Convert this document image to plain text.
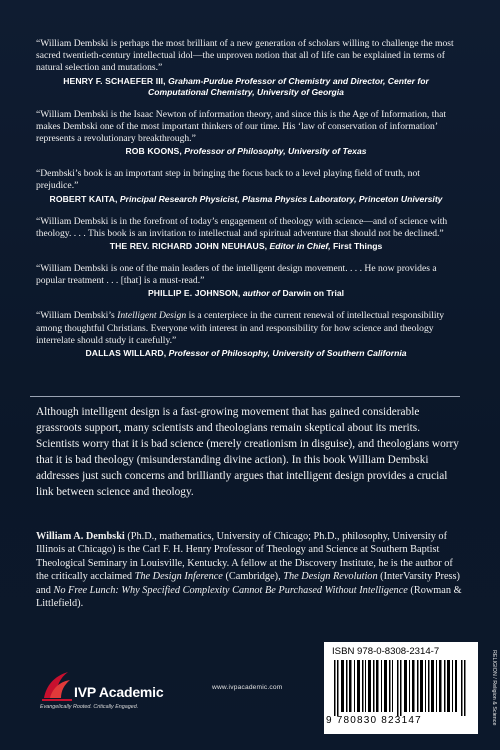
“William Dembski is perhaps the most brilliant of a new generation of scholars willing to challenge the most sacred twentieth-century intellectual idol—the unproven notion that all of life can be explained in terms of natural selection and mutations.”

HENRY F. SCHAEFER III, Graham-Purdue Professor of Chemistry and Director, Center for Computational Chemistry, University of Georgia

“William Dembski is the Isaac Newton of information theory, and since this is the Age of Information, that makes Dembski one of the most important thinkers of our time. His ‘law of conservation of information’ represents a revolutionary breakthrough.”

ROB KOONS, Professor of Philosophy, University of Texas

“Dembski’s book is an important step in bringing the focus back to a level playing field of truth, not prejudice.”

ROBERT KAITA, Principal Research Physicist, Plasma Physics Laboratory, Princeton University

“William Dembski is in the forefront of today’s engagement of theology with science—and of science with theology. . . . This book is an invitation to intellectual and spiritual adventure that should not be declined.”

THE REV. RICHARD JOHN NEUHAUS, Editor in Chief, First Things

“William Dembski is one of the main leaders of the intelligent design movement. . . . He now provides a popular treatment . . . [that] is a must-read.”

PHILLIP E. JOHNSON, author of Darwin on Trial

“William Dembski’s Intelligent Design is a centerpiece in the current renewal of intellectual responsibility among thoughtful Christians. Everyone with interest in and responsibility for how science and theology interrelate should study it carefully.”

DALLAS WILLARD, Professor of Philosophy, University of Southern California

Although intelligent design is a fast-growing movement that has gained considerable grassroots support, many scientists and theologians remain skeptical about its merits. Scientists worry that it is bad science (merely creationism in disguise), and theologians worry that it is bad theology (misunderstanding divine action). In this book William Dembski addresses just such concerns and brilliantly argues that intelligent design provides a crucial link between science and theology.

William A. Dembski (Ph.D., mathematics, University of Chicago; Ph.D., philosophy, University of Illinois at Chicago) is the Carl F. H. Henry Professor of Theology and Science at Southern Baptist Theological Seminary in Louisville, Kentucky. A fellow at the Discovery Institute, he is the author of the critically acclaimed The Design Inference (Cambridge), The Design Revolution (InterVarsity Press) and No Free Lunch: Why Specified Complexity Cannot Be Purchased Without Intelligence (Rowman & Littlefield).

IVP Academic
Evangelically Rooted. Critically Engaged.
www.ivpacademic.com
ISBN 978-0-8308-2314-7
9 780830 823147	RELIGION / Religion & Science
